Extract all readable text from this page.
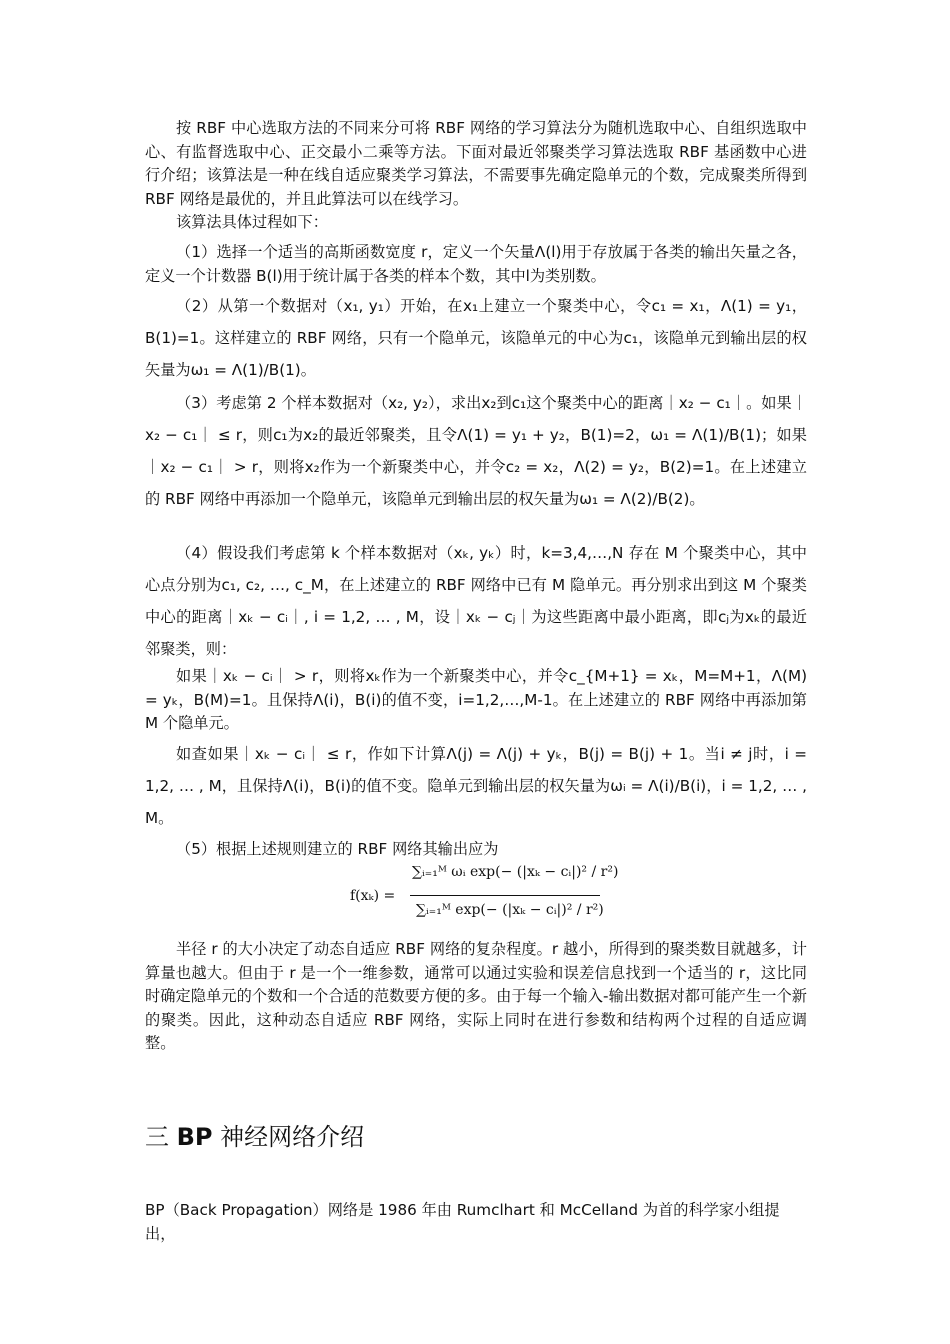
按 RBF 中心选取方法的不同来分可将 RBF 网络的学习算法分为随机选取中心、自组织选取中心、有监督选取中心、正交最小二乘等方法。下面对最近邻聚类学习算法选取 RBF 基函数中心进行介绍；该算法是一种在线自适应聚类学习算法，不需要事先确定隐单元的个数，完成聚类所得到 RBF 网络是最优的，并且此算法可以在线学习。

该算法具体过程如下：

（1）选择一个适当的高斯函数宽度 r，定义一个矢量Λ(l)用于存放属于各类的输出矢量之各，定义一个计数器 B(l)用于统计属于各类的样本个数，其中l为类别数。

（2）从第一个数据对（x₁, y₁）开始，在x₁上建立一个聚类中心，令c₁ = x₁，Λ(1) = y₁，B(1)=1。这样建立的 RBF 网络，只有一个隐单元，该隐单元的中心为c₁，该隐单元到输出层的权矢量为ω₁ = Λ(1)/B(1)。

（3）考虑第 2 个样本数据对（x₂, y₂），求出x₂到c₁这个聚类中心的距离｜x₂ − c₁｜。如果｜x₂ − c₁｜ ≤ r，则c₁为x₂的最近邻聚类，且令Λ(1) = y₁ + y₂，B(1)=2，ω₁ = Λ(1)/B(1)；如果｜x₂ − c₁｜ > r，则将x₂作为一个新聚类中心，并令c₂ = x₂，Λ(2) = y₂，B(2)=1。在上述建立的 RBF 网络中再添加一个隐单元，该隐单元到输出层的权矢量为ω₁ = Λ(2)/B(2)。

（4）假设我们考虑第 k 个样本数据对（xₖ, yₖ）时，k=3,4,…,N 存在 M 个聚类中心，其中心点分别为c₁, c₂, …, c_M，在上述建立的 RBF 网络中已有 M 隐单元。再分别求出到这 M 个聚类中心的距离｜xₖ − cᵢ｜, i = 1,2, … , M，设｜xₖ − cⱼ｜为这些距离中最小距离，即cⱼ为xₖ的最近邻聚类，则：

如果｜xₖ − cᵢ｜ > r，则将xₖ作为一个新聚类中心，并令c_{M+1} = xₖ，M=M+1，Λ(M) = yₖ，B(M)=1。且保持Λ(i)，B(i)的值不变，i=1,2,…,M-1。在上述建立的 RBF 网络中再添加第 M 个隐单元。

如查如果｜xₖ − cᵢ｜ ≤ r，作如下计算Λ(j) = Λ(j) + yₖ，B(j) = B(j) + 1。当i ≠ j时，i = 1,2, … , M，且保持Λ(i)，B(i)的值不变。隐单元到输出层的权矢量为ωᵢ = Λ(i)/B(i)，i = 1,2, … , M。

（5）根据上述规则建立的 RBF 网络其输出应为

f(xₖ) =
∑ᵢ₌₁ᴹ ωᵢ exp(− (|xₖ − cᵢ|)² / r²)
∑ᵢ₌₁ᴹ exp(− (|xₖ − cᵢ|)² / r²)

半径 r 的大小决定了动态自适应 RBF 网络的复杂程度。r 越小，所得到的聚类数目就越多，计算量也越大。但由于 r 是一个一维参数，通常可以通过实验和误差信息找到一个适当的 r，这比同时确定隐单元的个数和一个合适的范数要方便的多。由于每一个输入-输出数据对都可能产生一个新的聚类。因此，这种动态自适应 RBF 网络，实际上同时在进行参数和结构两个过程的自适应调整。

三 BP 神经网络介绍

BP（Back Propagation）网络是 1986 年由 Rumclhart 和 McCelland 为首的科学家小组提出，
